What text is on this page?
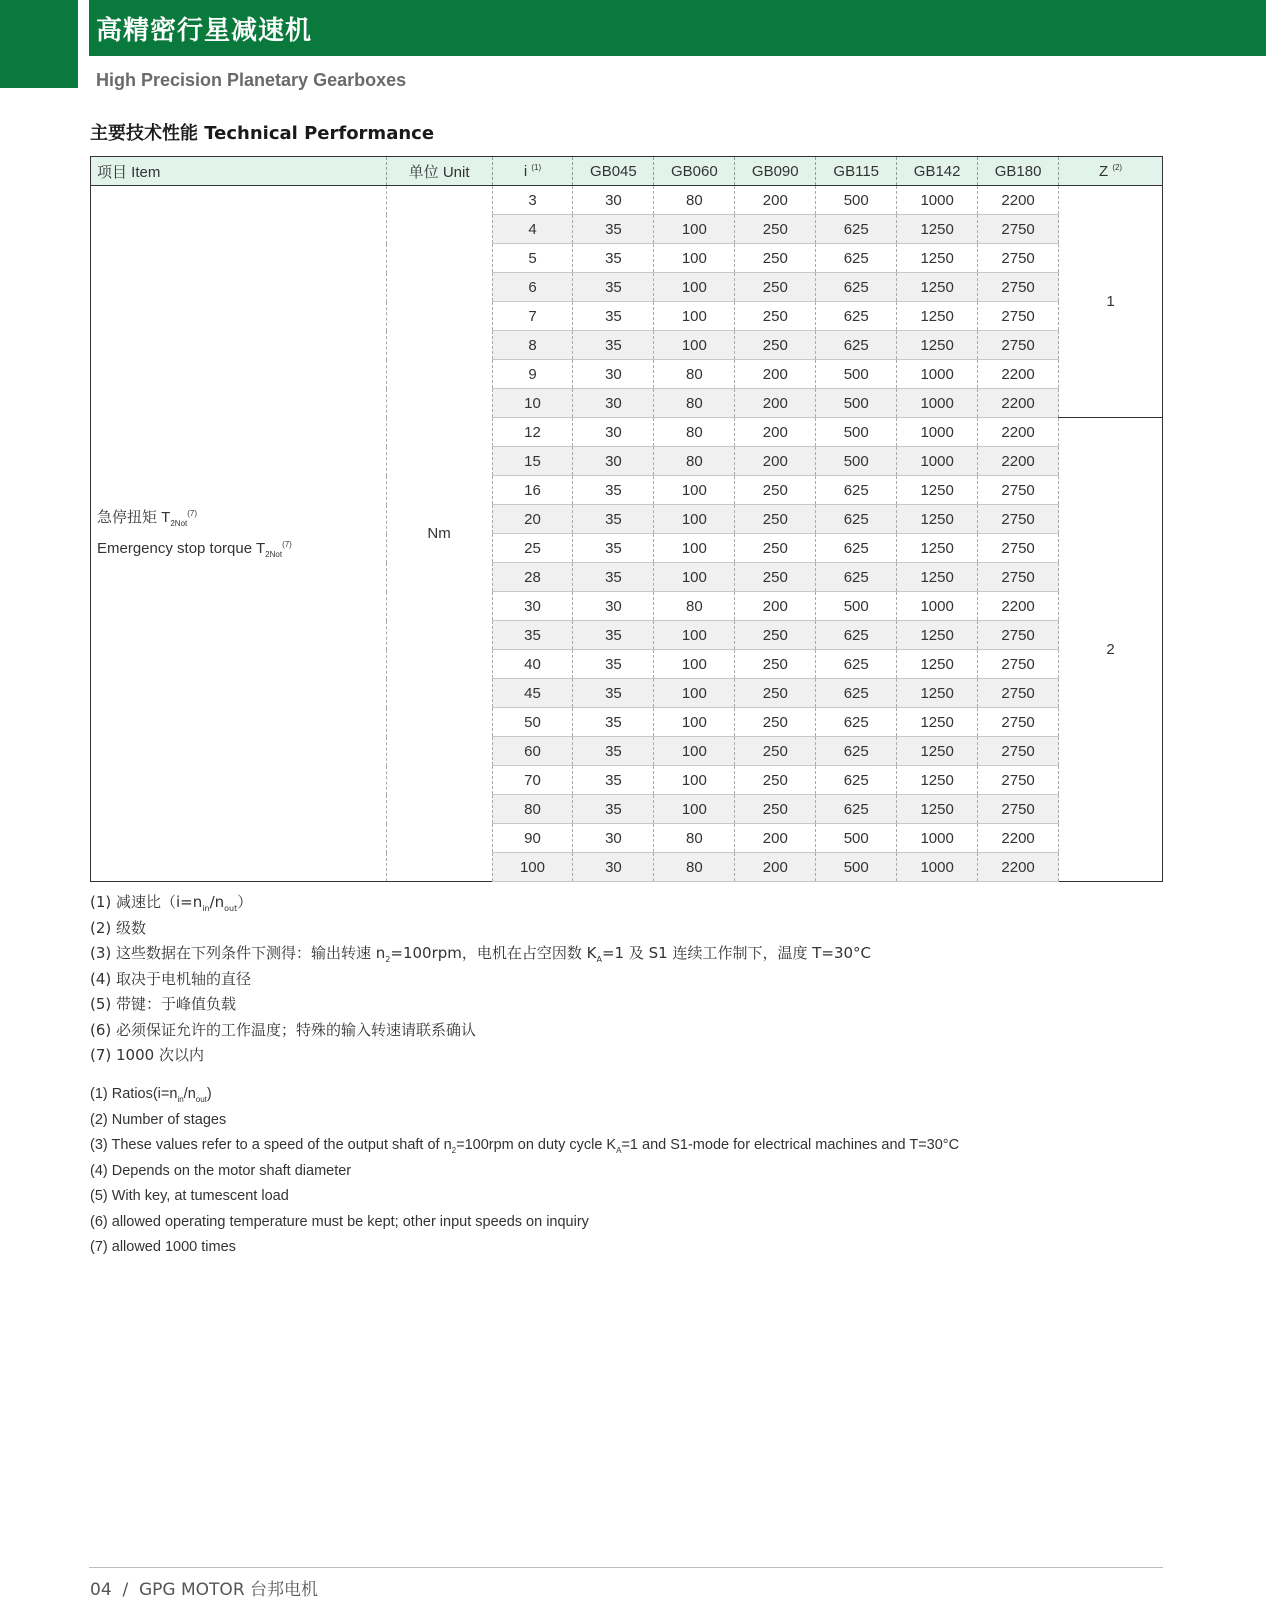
高精密行星减速机
High Precision Planetary Gearboxes
主要技术性能 Technical Performance
项目 Item	单位 Unit	i $^{(1)}$	GB045	GB060	GB090	GB115	GB142	GB180	Z $^{(2)}$

急停扭矩 $T_{2Not}^{(7)}$
Emergency stop torque $T_{2Not}^{(7)}$	Nm	3	30	80	200	500	1000	2200	1
		4	35	100	250	625	1250	2750	
		5	35	100	250	625	1250	2750	
		6	35	100	250	625	1250	2750	
		7	35	100	250	625	1250	2750	
		8	35	100	250	625	1250	2750	
		9	30	80	200	500	1000	2200	
		10	30	80	200	500	1000	2200	
		12	30	80	200	500	1000	2200	2
		15	30	80	200	500	1000	2200	
		16	35	100	250	625	1250	2750	
		20	35	100	250	625	1250	2750	
		25	35	100	250	625	1250	2750	
		28	35	100	250	625	1250	2750	
		30	30	80	200	500	1000	2200	
		35	35	100	250	625	1250	2750	
		40	35	100	250	625	1250	2750	
		45	35	100	250	625	1250	2750	
		50	35	100	250	625	1250	2750	
		60	35	100	250	625	1250	2750	
		70	35	100	250	625	1250	2750	
		80	35	100	250	625	1250	2750	
		90	30	80	200	500	1000	2200	
		100	30	80	200	500	1000	2200	
(1) 减速比$(i=n_{in}/n_{out})$
(2) 级数
(3) 这些数据在下列条件下测得：输出转速 $n_2=100rpm$，电机在占空因数 $K_A=1$ 及 S1 连续工作制下，温度 T=30°C
(4) 取决于电机轴的直径
(5) 带键：于峰值负载
(6) 必须保证允许的工作温度；特殊的输入转速请联系确认
(7) 1000 次以内
(1) $Ratios(i=n_{in}/n_{out})$
(2) Number of stages
(3) These values refer to a speed of the output shaft of $n_2=100rpm$ on duty cycle $K_A=1$ and S1-mode for electrical machines and T=30°C
(4) Depends on the motor shaft diameter
(5) With key, at tumescent load
(6) allowed operating temperature must be kept; other input speeds on inquiry
(7) allowed 1000 times
04 / GPG MOTOR 台邦电机
